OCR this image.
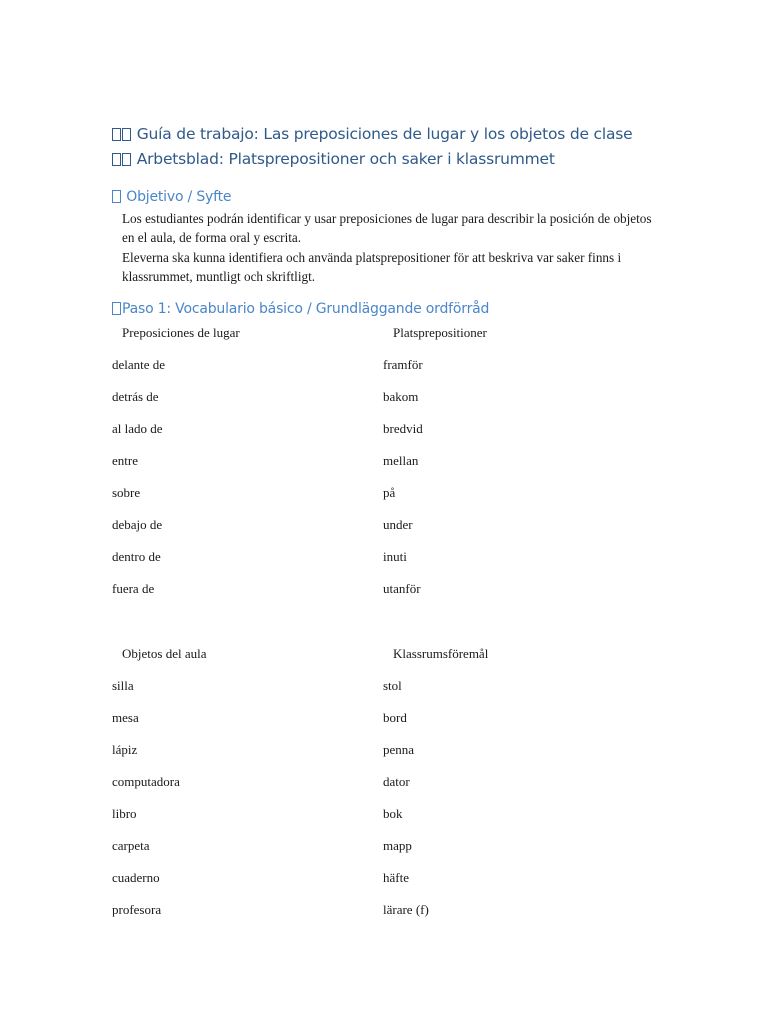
Guía de trabajo: Las preposiciones de lugar y los objetos de clase
Arbetsblad: Platsprepositioner och saker i klassrummet
Objetivo / Syfte
Los estudiantes podrán identificar y usar preposiciones de lugar para describir la posición de objetos en el aula, de forma oral y escrita.
Eleverna ska kunna identifiera och använda platsprepositioner för att beskriva var saker finns i klassrummet, muntligt och skriftligt.
Paso 1: Vocabulario básico / Grundläggande ordförråd
Preposiciones de lugar	Platsprepositioner
delante de	framför
detrás de	bakom
al lado de	bredvid
entre	mellan
sobre	på
debajo de	under
dentro de	inuti
fuera de	utanför
Objetos del aula	Klassrumsföremål
silla	stol
mesa	bord
lápiz	penna
computadora	dator
libro	bok
carpeta	mapp
cuaderno	häfte
profesora	lärare (f)
